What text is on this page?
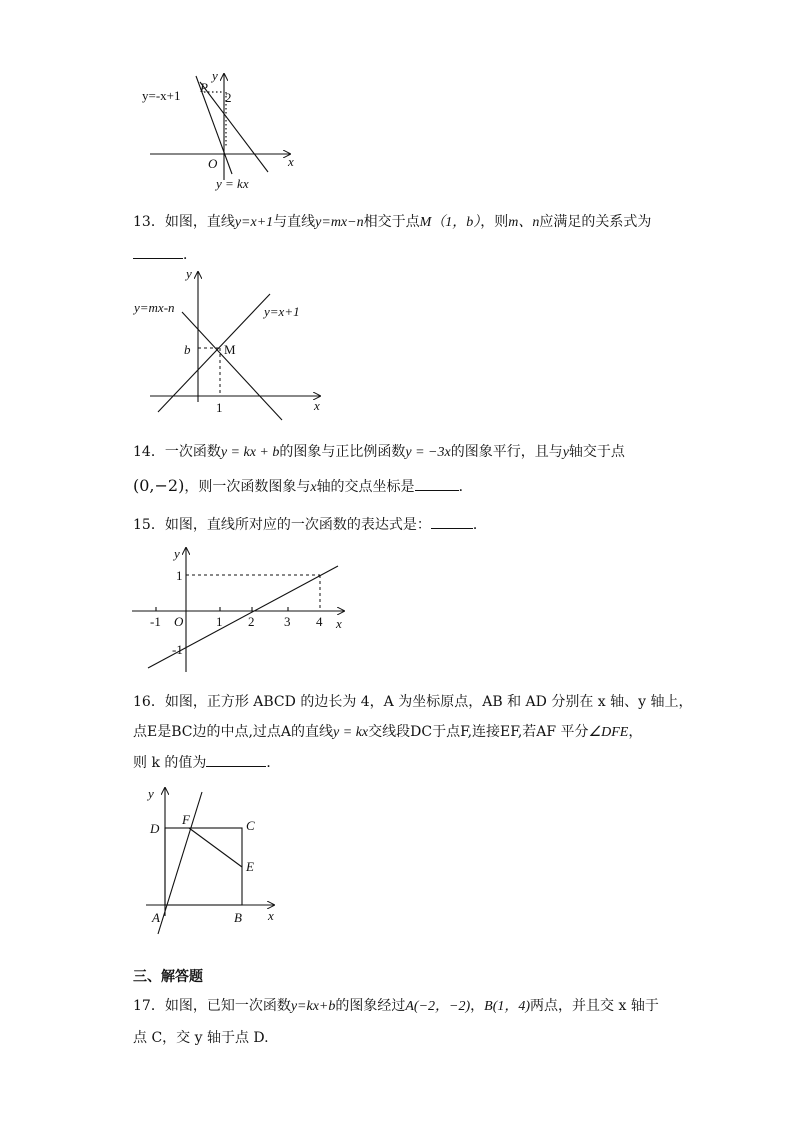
y=-x+1
P
y
2
O	x
y = kx
13．如图，直线y=x+1与直线y=mx−n相交于点M（1，b），则m、n应满足的关系式为
．
y
y=mx-n	y=x+1
b	M
1	x
14．一次函数y = kx + b的图象与正比例函数y = −3x的图象平行，且与y轴交于点
(0,−2)，则一次函数图象与x轴的交点坐标是	．
15．如图，直线所对应的一次函数的表达式是：	．
y
1
-1 O	1 2 3 4 x
-1
16．如图，正方形 ABCD 的边长为 4，A 为坐标原点，AB 和 AD 分别在 x 轴、y 轴上，
点E是BC边的中点,过点A的直线y = kx交线段DC于点F,连接EF,若AF 平分∠DFE，
则 k 的值为	．
y
D
F	C
E
A	B x
三、解答题
17．如图，已知一次函数y=kx+b的图象经过A(−2，−2)，B(1，4)两点，并且交 x 轴于
点 C，交 y 轴于点 D.
